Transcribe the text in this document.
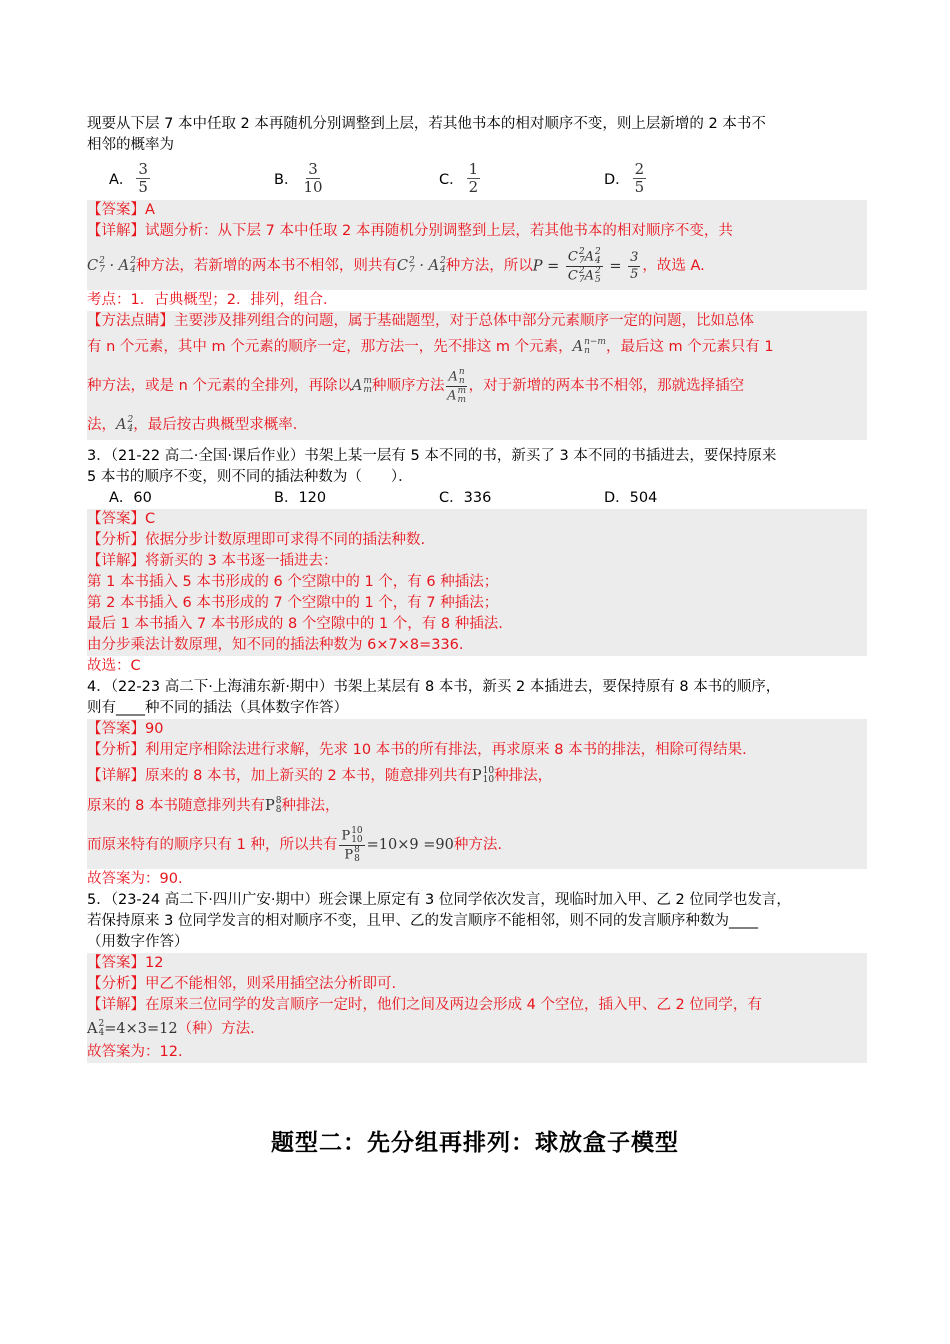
现要从下层 7 本中任取 2 本再随机分别调整到上层，若其他书本的相对顺序不变，则上层新增的 2 本书不

相邻的概率为

A． $\frac{3}{5}$	B． $\frac{3}{10}$	C． $\frac{1}{2}$	D． $\frac{2}{5}$

【答案】A

【详解】试题分析：从下层 7 本中任取 2 本再随机分别调整到上层，若其他书本的相对顺序不变，共

C 2
7 · A 2
4 种方法，若新增的两本书不相邻，则共有 C 2
7 · A 2
4 种方法，所以 P = C 2
7 A 2
4
C 2
7 A 2
$5 = \frac{3}{5}$ ，故选 A.

考点：1．古典概型；2．排列，组合．

【方法点睛】主要涉及排列组合的问题，属于基础题型，对于总体中部分元素顺序一定的问题，比如总体

有 n 个元素，其中 m 个元素的顺序一定，那方法一，先不排这 m 个元素， A n−m
n	，最后这 m 个元素只有 1
种方法，或是 n 个元素的全排列，再除以 A m
m 种顺序方法
A n
n
A m
m
，对于新增的两本书不相邻，那就选择插空
法， A 2
4 ，最后按古典概型求概率．

3．（21-22 高二·全国·课后作业）书架上某一层有 5 本不同的书，新买了 3 本不同的书插进去，要保持原来

5 本书的顺序不变，则不同的插法种数为（　　）．

A．60	B．120	C．336	D．504

【答案】C

【分析】依据分步计数原理即可求得不同的插法种数.

【详解】将新买的 3 本书逐一插进去：

第 1 本书插入 5 本书形成的 6 个空隙中的 1 个，有 6 种插法；

第 2 本书插入 6 本书形成的 7 个空隙中的 1 个，有 7 种插法；

最后 1 本书插入 7 本书形成的 8 个空隙中的 1 个，有 8 种插法.

由分步乘法计数原理，知不同的插法种数为 6×7×8=336.

故选：C

4．（22-23 高二下·上海浦东新·期中）书架上某层有 8 本书，新买 2 本插进去，要保持原有 8 本书的顺序，

则有____种不同的插法（具体数字作答）

【答案】90

【分析】利用定序相除法进行求解，先求 10 本书的所有排法，再求原来 8 本书的排法，相除可得结果.

【详解】原来的 8 本书，加上新买的 2 本书，随意排列共有 P 10
10 种排法，
原来的 8 本书随意排列共有 P 8
8 种排法，
而原来特有的顺序只有 1 种，所以共有 P 10
10
P 8
8 =10×9 =90 种方法.

故答案为：90.

5．（23-24 高二下·四川广安·期中）班会课上原定有 3 位同学依次发言，现临时加入甲、乙 2 位同学也发言，

若保持原来 3 位同学发言的相对顺序不变，且甲、乙的发言顺序不能相邻，则不同的发言顺序种数为____

（用数字作答）

【答案】12

【分析】甲乙不能相邻，则采用插空法分析即可.

【详解】在原来三位同学的发言顺序一定时，他们之间及两边会形成 4 个空位，插入甲、乙 2 位同学，有

A 2
4 =4×3=12 （种）方法.

故答案为：12.

题型二：先分组再排列：球放盒子模型
